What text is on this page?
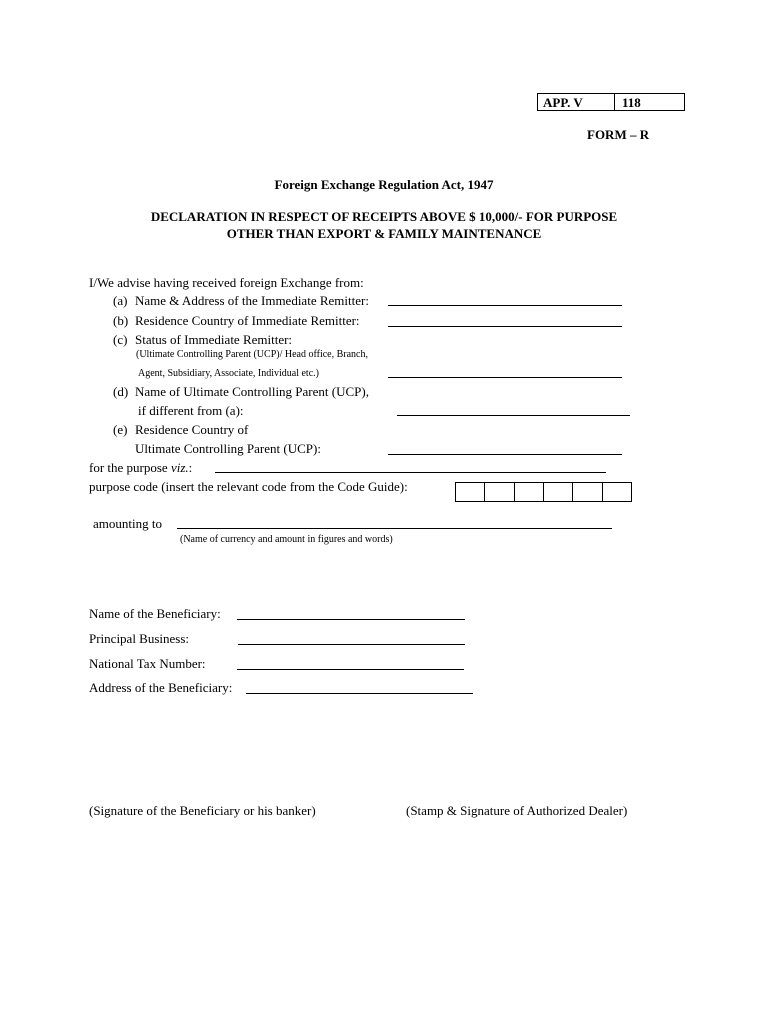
APP. V	118
FORM – R
Foreign Exchange Regulation Act, 1947
DECLARATION IN RESPECT OF RECEIPTS ABOVE $ 10,000/- FOR PURPOSE
OTHER THAN EXPORT & FAMILY MAINTENANCE
I/We advise having received foreign Exchange from:
(a) Name & Address of the Immediate Remitter:
(b) Residence Country of Immediate Remitter:
(c) Status of Immediate Remitter:
(Ultimate Controlling Parent (UCP)/ Head office, Branch,
Agent, Subsidiary, Associate, Individual etc.)
(d) Name of Ultimate Controlling Parent (UCP),
if different from (a):
(e) Residence Country of
Ultimate Controlling Parent (UCP):
for the purpose viz.:
purpose code (insert the relevant code from the Code Guide):
amounting to
(Name of currency and amount in figures and words)
Name of the Beneficiary:
Principal Business:
National Tax Number:
Address of the Beneficiary:
(Signature of the Beneficiary or his banker)	(Stamp & Signature of Authorized Dealer)
